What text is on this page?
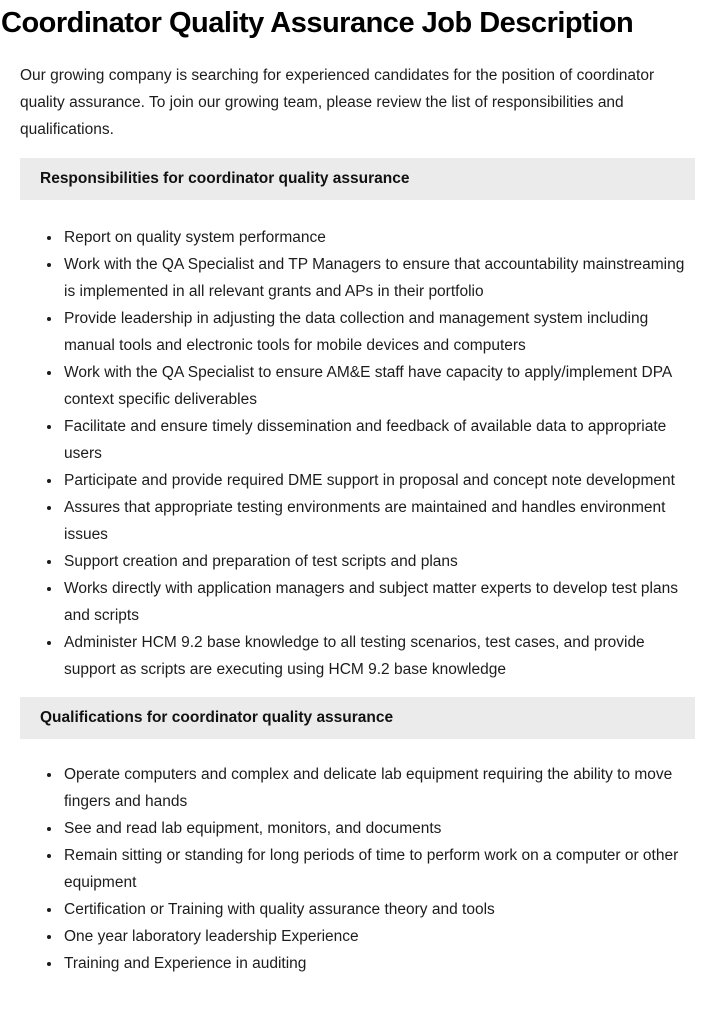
Coordinator Quality Assurance Job Description

Our growing company is searching for experienced candidates for the position of coordinator quality assurance. To join our growing team, please review the list of responsibilities and qualifications.

Responsibilities for coordinator quality assurance
• Report on quality system performance
• Work with the QA Specialist and TP Managers to ensure that accountability mainstreaming is implemented in all relevant grants and APs in their portfolio
• Provide leadership in adjusting the data collection and management system including manual tools and electronic tools for mobile devices and computers
• Work with the QA Specialist to ensure AM&E staff have capacity to apply/implement DPA context specific deliverables
• Facilitate and ensure timely dissemination and feedback of available data to appropriate users
• Participate and provide required DME support in proposal and concept note development
• Assures that appropriate testing environments are maintained and handles environment issues
• Support creation and preparation of test scripts and plans
• Works directly with application managers and subject matter experts to develop test plans and scripts
• Administer HCM 9.2 base knowledge to all testing scenarios, test cases, and provide support as scripts are executing using HCM 9.2 base knowledge
Qualifications for coordinator quality assurance
• Operate computers and complex and delicate lab equipment requiring the ability to move fingers and hands
• See and read lab equipment, monitors, and documents
• Remain sitting or standing for long periods of time to perform work on a computer or other equipment
• Certification or Training with quality assurance theory and tools
• One year laboratory leadership Experience
• Training and Experience in auditing
